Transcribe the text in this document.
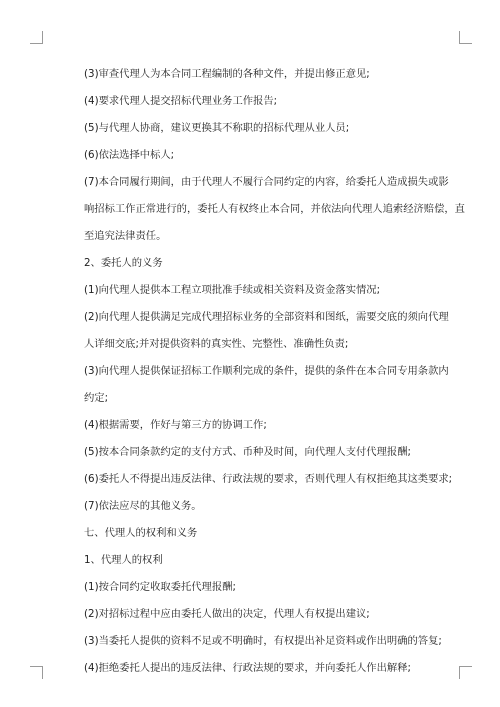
(3)审查代理人为本合同工程编制的各种文件，并提出修正意见;

(4)要求代理人提交招标代理业务工作报告;

(5)与代理人协商，建议更换其不称职的招标代理从业人员;

(6)依法选择中标人;

(7)本合同履行期间，由于代理人不履行合同约定的内容，给委托人造成损失或影

响招标工作正常进行的，委托人有权终止本合同，并依法向代理人追索经济赔偿，直

至追究法律责任。

2、委托人的义务

(1)向代理人提供本工程立项批准手续或相关资料及资金落实情况;

(2)向代理人提供满足完成代理招标业务的全部资料和图纸，需要交底的须向代理

人详细交底;并对提供资料的真实性、完整性、准确性负责;

(3)向代理人提供保证招标工作顺利完成的条件，提供的条件在本合同专用条款内

约定;

(4)根据需要，作好与第三方的协调工作;

(5)按本合同条款约定的支付方式、币种及时间，向代理人支付代理报酬;

(6)委托人不得提出违反法律、行政法规的要求，否则代理人有权拒绝其这类要求;

(7)依法应尽的其他义务。

七、代理人的权利和义务

1、代理人的权利

(1)按合同约定收取委托代理报酬;

(2)对招标过程中应由委托人做出的决定，代理人有权提出建议;

(3)当委托人提供的资料不足或不明确时，有权提出补足资料或作出明确的答复;

(4)拒绝委托人提出的违反法律、行政法规的要求，并向委托人作出解释;
